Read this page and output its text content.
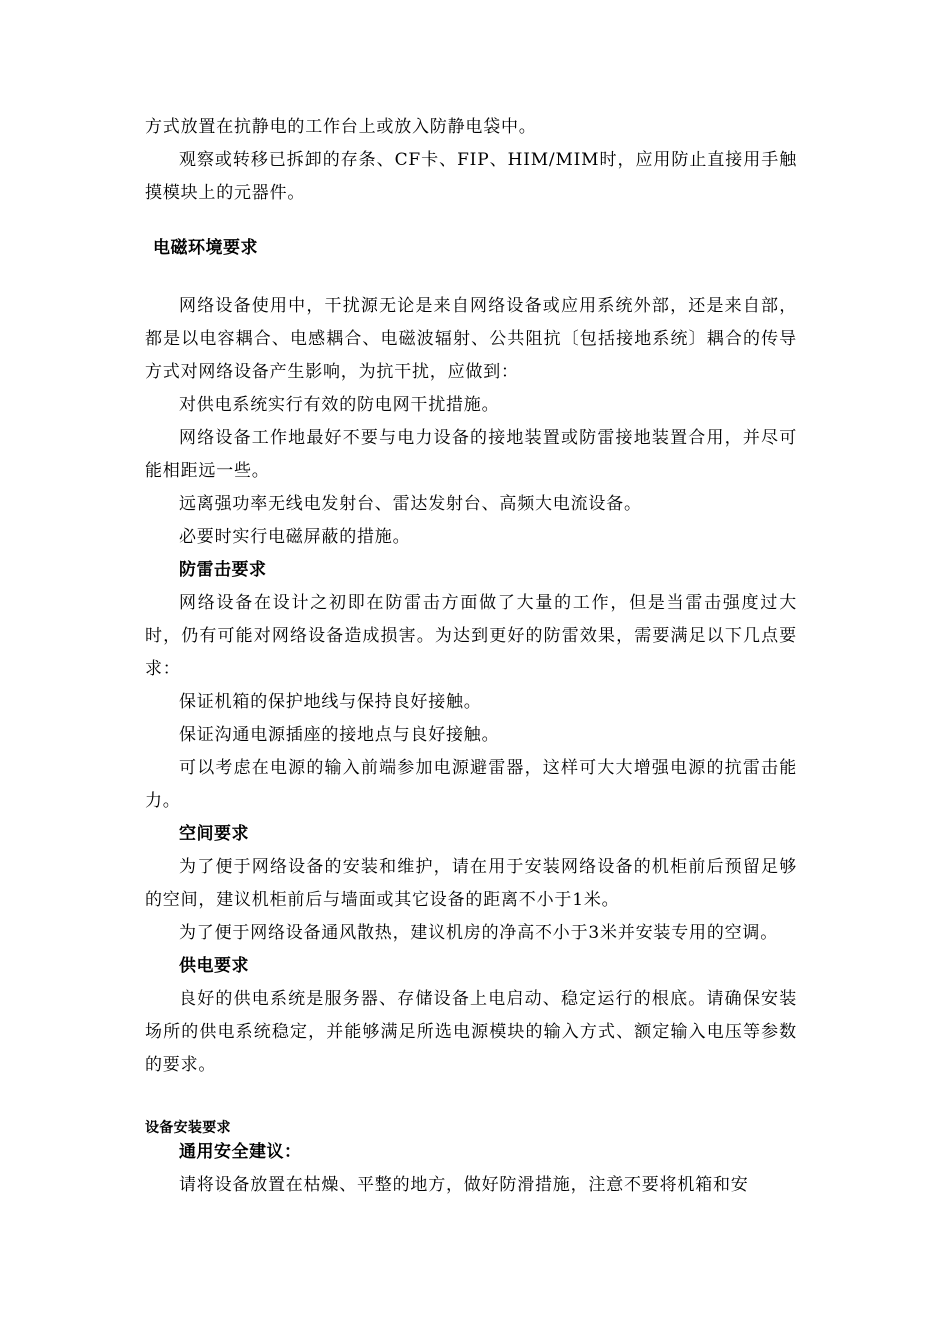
方式放置在抗静电的工作台上或放入防静电袋中。

观察或转移已拆卸的存条、CF卡、FIP、HIM/MIM时，应用防止直接用手触摸模块上的元器件。

电磁环境要求

网络设备使用中，干扰源无论是来自网络设备或应用系统外部，还是来自部，都是以电容耦合、电感耦合、电磁波辐射、公共阻抗〔包括接地系统〕耦合的传导方式对网络设备产生影响，为抗干扰，应做到：

对供电系统实行有效的防电网干扰措施。

网络设备工作地最好不要与电力设备的接地装置或防雷接地装置合用，并尽可能相距远一些。

远离强功率无线电发射台、雷达发射台、高频大电流设备。

必要时实行电磁屏蔽的措施。

防雷击要求

网络设备在设计之初即在防雷击方面做了大量的工作，但是当雷击强度过大时，仍有可能对网络设备造成损害。为达到更好的防雷效果，需要满足以下几点要求：

保证机箱的保护地线与保持良好接触。

保证沟通电源插座的接地点与良好接触。

可以考虑在电源的输入前端参加电源避雷器，这样可大大增强电源的抗雷击能力。

空间要求

为了便于网络设备的安装和维护，请在用于安装网络设备的机柜前后预留足够的空间，建议机柜前后与墙面或其它设备的距离不小于1米。

为了便于网络设备通风散热，建议机房的净高不小于3米并安装专用的空调。

供电要求

良好的供电系统是服务器、存储设备上电启动、稳定运行的根底。请确保安装场所的供电系统稳定，并能够满足所选电源模块的输入方式、额定输入电压等参数的要求。

设备安装要求
通用安全建议：

请将设备放置在枯燥、平整的地方，做好防滑措施，注意不要将机箱和安
